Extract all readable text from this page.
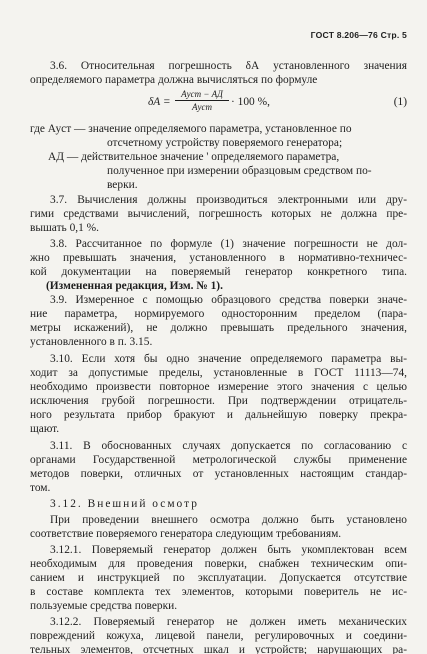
ГОСТ 8.206—76 Стр. 5
3.6. Относительная погрешность δА установленного значения
определяемого параметра должна вычисляться по формуле
δA =
Aуст − AД
Aуст	· 100 %,	(1)
где Ауст — значение определяемого параметра, установленное по
отсчетному устройству поверяемого генератора;
АД — действительное значение ' определяемого параметра,
полученное при измерении образцовым средством по-
верки.
3.7. Вычисления должны производиться электронными или дру-
гими средствами вычислений, погрешность которых не должна пре-
вышать 0,1 %.
3.8. Рассчитанное по формуле (1) значение погрешности не дол-
жно превышать значения, установленного в нормативно-техничес-
кой документации на поверяемый генератор конкретного типа.
(Измененная редакция, Изм. № 1).
3.9. Измеренное с помощью образцового средства поверки значе-
ние параметра, нормируемого односторонним пределом (пара-
метры искажений), не должно превышать предельного значения,
установленного в п. 3.15.
3.10. Если хотя бы одно значение определяемого параметра вы-
ходит за допустимые пределы, установленные в ГОСТ 11113—74,
необходимо произвести повторное измерение этого значения с целью
исключения грубой погрешности. При подтверждении отрицатель-
ного результата прибор бракуют и дальнейшую поверку прекра-
щают.
3.11. В обоснованных случаях допускается по согласованию с
органами Государственной метрологической службы применение
методов поверки, отличных от установленных настоящим стандар-
том.
3.12. Внешний осмотр
При проведении внешнего осмотра должно быть установлено
соответствие поверяемого генератора следующим требованиям.
3.12.1. Поверяемый генератор должен быть укомплектован всем
необходимым для проведения поверки, снабжен техническим опи-
санием и инструкцией по эксплуатации. Допускается отсутствие
в составе комплекта тех элементов, которыми поверитель не ис-
пользуемые средства поверки.
3.12.2. Поверяемый генератор не должен иметь механических
повреждений кожуха, лицевой панели, регулировочных и соедини-
тельных элементов, отсчетных шкал и устройств; нарушающих ра-
